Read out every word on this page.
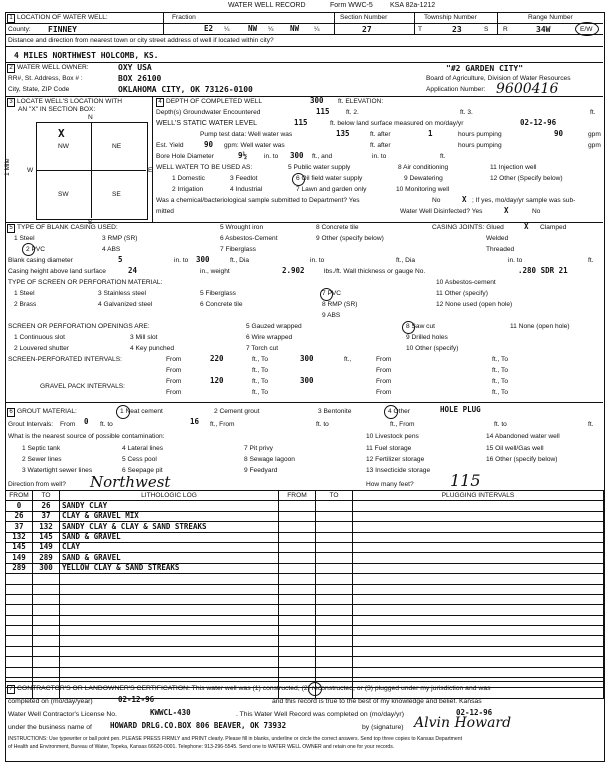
WATER WELL RECORD	Form WWC-5 KSA 82a-1212
1 LOCATION OF WATER WELL:	Fraction
County: FINNEY	E2 ¼ NW ¼ NW ¼
Section Number
27
Township Number
T	23	S
Range Number
R	34W	E/W
Distance and direction from nearest town or city street address of well if located within city?
4 MILES NORTHWEST HOLCOMB, KS.
2 WATER WELL OWNER:	OXY USA
RR#, St. Address, Box # :	BOX 26100
City, State, ZIP Code	OKLAHOMA CITY, OK 73126-0100
"#2 GARDEN CITY"
Board of Agriculture, Division of Water Resources
Application Number: 9600416
3 LOCATE WELL'S LOCATION WITH
AN "X" IN SECTION BOX:
N
S
W	E
NW	NE
SW	SE
X
1 Mile
4 DEPTH OF COMPLETED WELL	300 ft. ELEVATION:
Depth(s) Groundwater Encountered	115 ft. 2.	ft. 3.	ft.
WELL'S STATIC WATER LEVEL	115	ft. below land surface measured on mo/day/yr	02-12-96
Pump test data: Well water was	135	ft. after	1	hours pumping	90	gpm
Est. Yield	90 gpm: Well water was	ft. after	hours pumping	gpm
Bore Hole Diameter	9½	in. to 300 ft., and	in. to	ft.
WELL WATER TO BE USED AS:	5 Public water supply
9 Dewatering
1 Domestic	3 Feedlot	6 Oil field water supply
8 Air conditioning	11 Injection well
2 Irrigation	4 Industrial	7 Lawn and garden only	10 Monitoring well
12 Other (Specify below)
Was a chemical/bacteriological sample submitted to Department? Yes	X
No	; If yes, mo/day/yr sample was sub-
mitted	Water Well Disinfected? Yes	X	No
5 TYPE OF BLANK CASING USED:
1 Steel	3 RMP (SR)
5 Wrought iron	8 Concrete tile
2 PVC	4 ABS
6 Asbestos-Cement	9 Other (specify below)
7 Fiberglass
CASING JOINTS: Glued	X Clamped
Welded
Threaded
Blank casing diameter	5	in. to 300	ft., Dia	in. to	ft., Dia	in. to	ft.
Casing height above land surface	24	in., weight	2.902	lbs./ft. Wall thickness or gauge No.	.280 SDR 21
TYPE OF SCREEN OR PERFORATION MATERIAL:
1 Steel	3 Stainless steel	5 Fiberglass	7 PVC
10 Asbestos-cement
2 Brass	4 Galvanized steel	6 Concrete tile	8 RMP (SR)
11 Other (specify)
9 ABS
12 None used (open hole)
SCREEN OR PERFORATION OPENINGS ARE:	5 Gauzed wrapped	8 Saw cut	11 None (open hole)
1 Continuous slot	3 Mill slot	6 Wire wrapped	9 Drilled holes
2 Louvered shutter	4 Key punched	7 Torch cut	10 Other (specify)
SCREEN-PERFORATED INTERVALS:	From	220	ft., To	300	ft.,	From	ft., To
From	ft., To	From	ft., To
GRAVEL PACK INTERVALS:
From	120	ft., To	300	From	ft., To
From	ft., To	From	ft., To
6 GROUT MATERIAL:	1 Neat cement	2 Cement grout	3 Bentonite	4 Other	HOLE PLUG
Grout Intervals: From 0 ft. to	16 ft., From	ft. to	ft., From	ft. to	ft.
What is the nearest source of possible contamination:
1 Septic tank	4 Lateral lines	7 Pit privy
10 Livestock pens	14 Abandoned water well
2 Sewer lines	5 Cess pool	8 Sewage lagoon
11 Fuel storage	15 Oil well/Gas well
3 Watertight sewer lines	6 Seepage pit	9 Feedyard
12 Fertilizer storage	16 Other (specify below)
13 Insecticide storage
Direction from well? Northwest	How many feet? 115
FROM	TO	LITHOLOGIC LOG	FROM	TO	PLUGGING INTERVALS
0	26	SANDY CLAY			
26	37	CLAY & GRAVEL MIX			
37	132	SANDY CLAY & CLAY & SAND STREAKS			
132	145	SAND & GRAVEL			
145	149	CLAY			
149	289	SAND & GRAVEL			
289	300	YELLOW CLAY & SAND STREAKS			

7 CONTRACTOR'S OR LANDOWNER'S CERTIFICATION: This water well was (1) constructed, (2) reconstructed, or (3) plugged under my jurisdiction and was
completed on (mo/day/year)	02-12-96	and this record is true to the best of my knowledge and belief. Kansas
Water Well Contractor's License No.	KWWCL-430	. This Water Well Record was completed on (mo/day/yr)	02-12-96
under the business name of HOWARD DRLG.CO.BOX 806 BEAVER, OK 73932	by (signature) Alvin Howard
INSTRUCTIONS: Use typewriter or ball point pen. PLEASE PRESS FIRMLY and PRINT clearly. Please fill in blanks, underline or circle the correct answers. Send top three copies to Kansas Department
of Health and Environment, Bureau of Water, Topeka, Kansas 66620-0001. Telephone: 913-296-5545. Send one to WATER WELL OWNER and retain one for your records.
